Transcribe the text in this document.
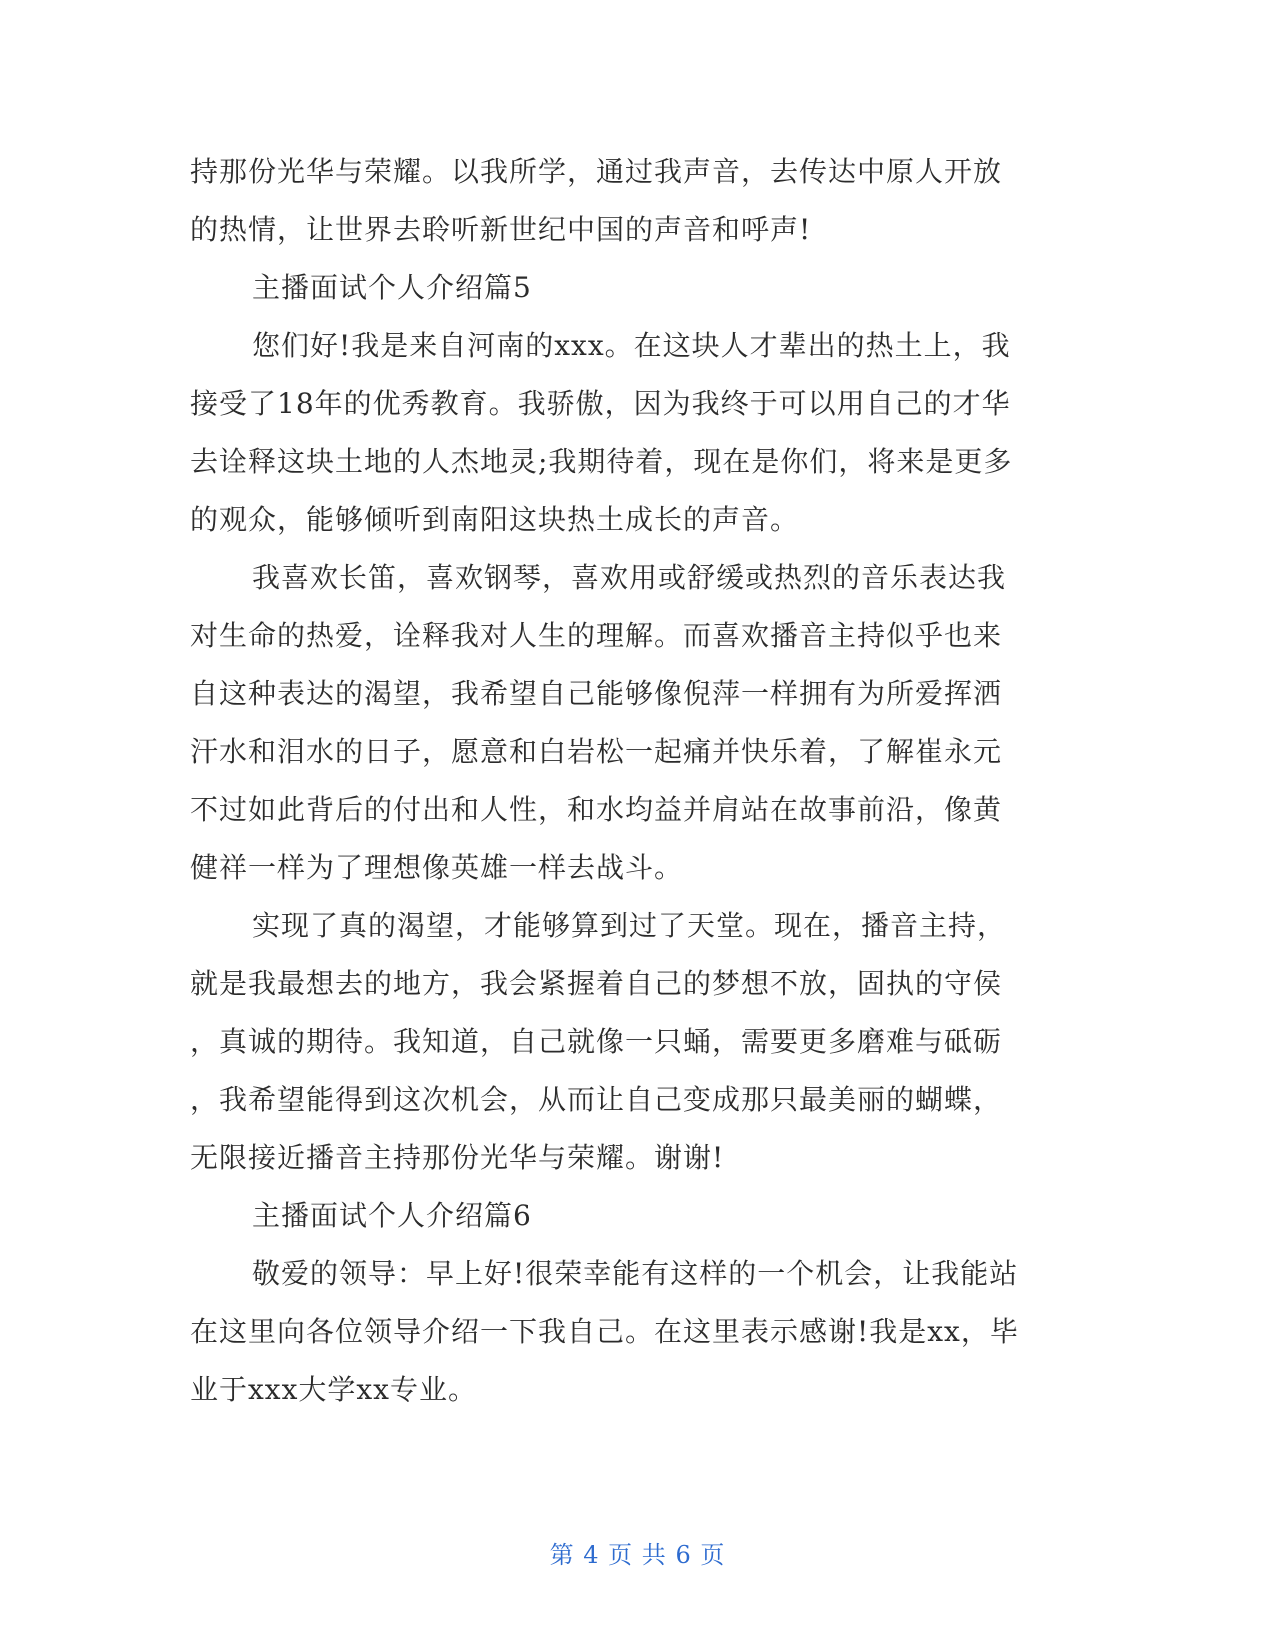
持那份光华与荣耀。以我所学，通过我声音，去传达中原人开放
的热情，让世界去聆听新世纪中国的声音和呼声!
主播面试个人介绍篇5
您们好!我是来自河南的xxx。在这块人才辈出的热土上，我
接受了18年的优秀教育。我骄傲，因为我终于可以用自己的才华
去诠释这块土地的人杰地灵;我期待着，现在是你们，将来是更多
的观众，能够倾听到南阳这块热土成长的声音。
我喜欢长笛，喜欢钢琴，喜欢用或舒缓或热烈的音乐表达我
对生命的热爱，诠释我对人生的理解。而喜欢播音主持似乎也来
自这种表达的渴望，我希望自己能够像倪萍一样拥有为所爱挥洒
汗水和泪水的日子，愿意和白岩松一起痛并快乐着，了解崔永元
不过如此背后的付出和人性，和水均益并肩站在故事前沿，像黄
健祥一样为了理想像英雄一样去战斗。
实现了真的渴望，才能够算到过了天堂。现在，播音主持，
就是我最想去的地方，我会紧握着自己的梦想不放，固执的守侯
，真诚的期待。我知道，自己就像一只蛹，需要更多磨难与砥砺
，我希望能得到这次机会，从而让自己变成那只最美丽的蝴蝶，
无限接近播音主持那份光华与荣耀。谢谢!
主播面试个人介绍篇6
敬爱的领导：早上好!很荣幸能有这样的一个机会，让我能站
在这里向各位领导介绍一下我自己。在这里表示感谢!我是xx，毕
业于xxx大学xx专业。
第 4 页 共 6 页
